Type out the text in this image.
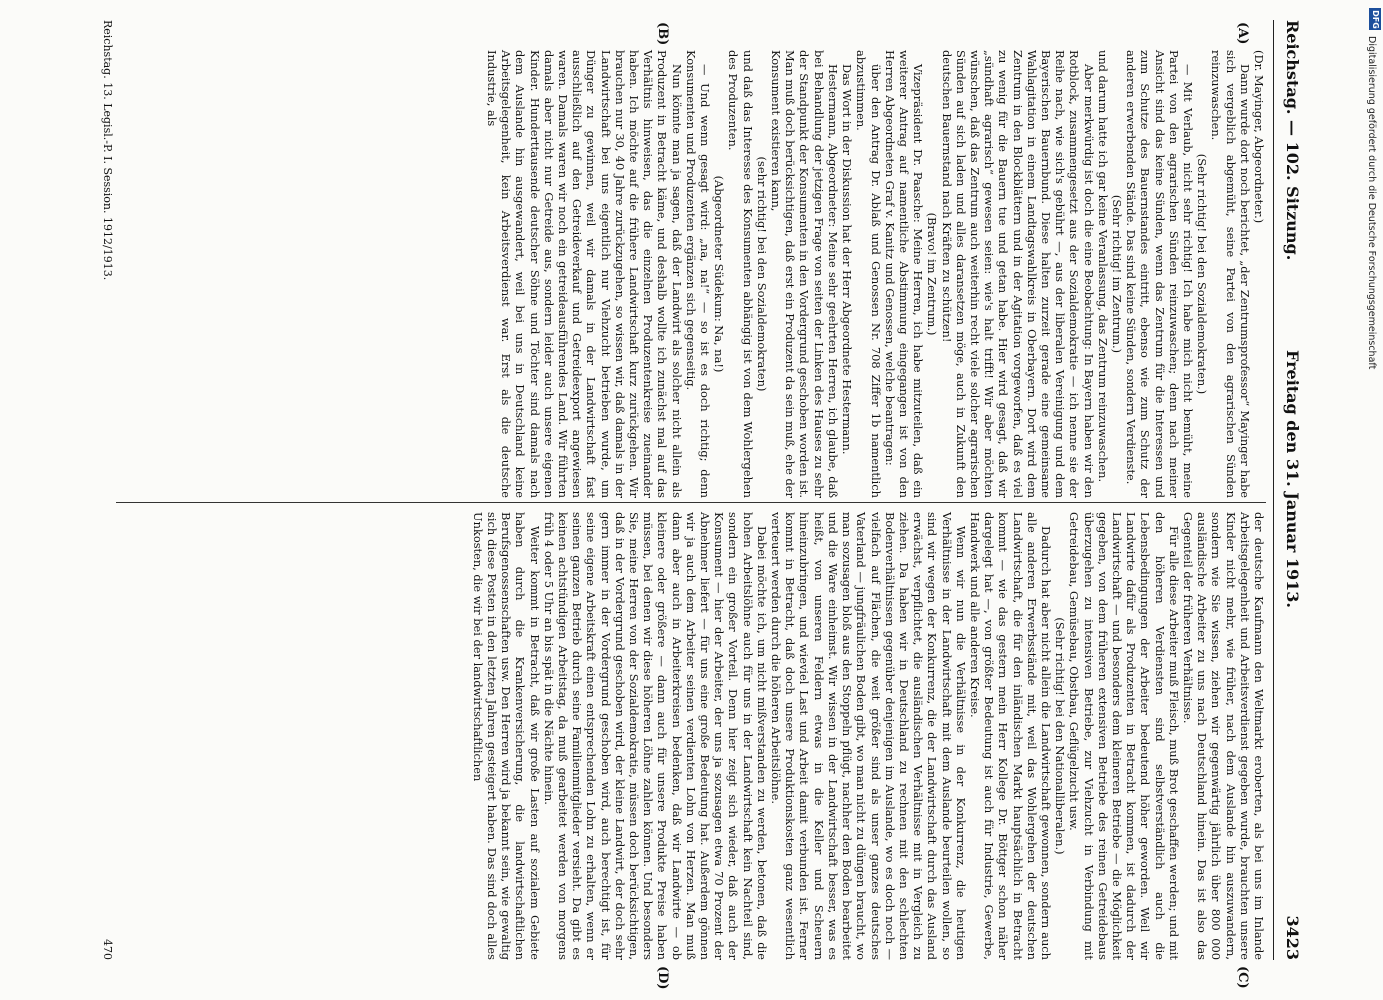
Reichstag. — 102. Sitzung.
Freitag den 31. Januar 1913.
3423
(A)
(B)
(C)
(D)

(Dr. Mayinger, Abgeordneter.)

Dann wurde dort noch berichtet, „der Zentrumsprofessor“ Mayinger habe sich vergeblich abgemüht, seine Partei von den agrarischen Sünden reinzuwaschen.

(Sehr richtig! bei den Sozialdemokraten.)

— Mit Verlaub, nicht sehr richtig! Ich habe mich nicht bemüht, meine Partei von den agrarischen Sünden reinzuwaschen; denn nach meiner Ansicht sind das keine Sünden, wenn das Zentrum für die Interessen und zum Schutze des Bauernstandes eintritt, ebenso wie zum Schutz der anderen erwerbenden Stände. Das sind keine Sünden, sondern Verdienste.

(Sehr richtig! im Zentrum.)

und darum hatte ich gar keine Veranlassung, das Zentrum reinzuwaschen.

Aber merkwürdig ist doch die eine Beobachtung: In Bayern haben wir den Rotblock, zusammengesetzt aus der Sozialdemokratie — ich nenne sie der Reihe nach, wie sich's gebührt —, aus der liberalen Vereinigung und dem Bayerischen Bauernbund. Diese halten zurzeit gerade eine gemeinsame Wahlagitation in einem Landtagswahlkreis in Oberbayern. Dort wird dem Zentrum in den Blockblättern und in der Agitation vorgeworfen, daß es viel zu wenig für die Bauern tue und getan habe. Hier wird gesagt, daß wir „sündhaft agrarisch“ gewesen seien: wie's halt trifft! Wir aber möchten wünschen, daß das Zentrum auch weiterhin recht viele solcher agrarischen Sünden auf sich laden und alles daransetzen möge, auch in Zukunft den deutschen Bauernstand nach Kräften zu schützen!

(Bravo! im Zentrum.)

Vizepräsident Dr. Paasche: Meine Herren, ich habe mitzuteilen, daß ein weiterer Antrag auf namentliche Abstimmung eingegangen ist von den Herren Abgeordneten Graf v. Kanitz und Genossen, welche beantragen:

über den Antrag Dr. Ablaß und Genossen Nr. 708 Ziffer 1b namentlich abzustimmen.

Das Wort in der Diskussion hat der Herr Abgeordnete Hestermann.

Hestermann, Abgeordneter: Meine sehr geehrten Herren, ich glaube, daß bei Behandlung der jetzigen Frage von seiten der Linken des Hauses zu sehr der Standpunkt der Konsumenten in den Vordergrund geschoben worden ist. Man muß doch berücksichtigen, daß erst ein Produzent da sein muß, ehe der Konsument existieren kann,

(sehr richtig! bei den Sozialdemokraten)

und daß das Interesse des Konsumenten abhängig ist von dem Wohlergehen des Produzenten.

(Abgeordneter Südekum: Na, na!)

— Und wenn gesagt wird: „na, na!“ — so ist es doch richtig; denn Konsumenten und Produzenten ergänzen sich gegenseitig.

Nun könnte man ja sagen, daß der Landwirt als solcher nicht allein als Produzent in Betracht käme, und deshalb wollte ich zunächst mal auf das Verhältnis hinweisen, das die einzelnen Produzentenkreise zueinander haben. Ich möchte auf die frühere Landwirtschaft kurz zurückgehen. Wir brauchen nur 30, 40 Jahre zurückzugehen, so wissen wir, daß damals in der Landwirtschaft bei uns eigentlich nur Viehzucht betrieben wurde, um Dünger zu gewinnen, weil wir damals in der Landwirtschaft fast ausschließlich auf den Getreideverkauf und Getreideexport angewiesen waren. Damals waren wir noch ein getreideausführendes Land. Wir führten damals aber nicht nur Getreide aus, sondern leider auch unsere eigenen Kinder. Hunderttausende deutscher Söhne und Töchter sind damals nach dem Auslande hin ausgewandert, weil bei uns in Deutschland keine Arbeitsgelegenheit, kein Arbeitsverdienst war. Erst als die deutsche Industrie, als

der deutsche Kaufmann den Weltmarkt eroberten, als bei uns im Inlande Arbeitsgelegenheit und Arbeitsverdienst gegeben wurde, brauchten unsere Kinder nicht mehr, wie früher, nach dem Auslande hin auszuwandern, sondern wie Sie wissen, ziehen wir gegenwärtig jährlich über 800 000 ausländische Arbeiter zu uns nach Deutschland hinein. Das ist also das Gegenteil der früheren Verhältnisse.

Für alle diese Arbeiter muß Fleisch, muß Brot geschaffen werden; und mit den höheren Verdiensten sind selbstverständlich auch die Lebensbedingungen der Arbeiter bedeutend höher geworden. Weil wir Landwirte dafür als Produzenten in Betracht kommen, ist dadurch der Landwirtschaft — und besonders dem kleineren Betriebe — die Möglichkeit gegeben, von dem früheren extensiven Betriebe des reinen Getreidebaus überzugehen zu intensiven Betriebe, zur Viehzucht in Verbindung mit Getreidebau, Gemüsebau, Obstbau, Geflügelzucht usw.

(Sehr richtig! bei den Nationalliberalen.)

Dadurch hat aber nicht allein die Landwirtschaft gewonnen, sondern auch alle anderen Erwerbsstände mit, weil das Wohlergehen der deutschen Landwirtschaft, die für den inländischen Markt hauptsächlich in Betracht kommt — wie das gestern mein Herr Kollege Dr. Böttger schon näher dargelegt hat —, von größter Bedeutung ist auch für Industrie, Gewerbe, Handwerk und alle anderen Kreise.

Wenn wir nun die Verhältnisse in der Konkurrenz, die heutigen Verhältnisse in der Landwirtschaft mit dem Auslande beurteilen wollen, so sind wir wegen der Konkurrenz, die der Landwirtschaft durch das Ausland erwächst, verpflichtet, die ausländischen Verhältnisse mit in Vergleich zu ziehen. Da haben wir in Deutschland zu rechnen mit den schlechten Bodenverhältnissen gegenüber denjenigen im Auslande, wo es doch noch — vielfach auf Flächen, die weit größer sind als unser ganzes deutsches Vaterland — jungfräulichen Boden gibt, wo man nicht zu düngen braucht, wo man sozusagen bloß aus den Stoppeln pflügt, nachher den Boden bearbeitet und die Ware einheimst. Wir wissen in der Landwirtschaft besser, was es heißt, von unseren Feldern etwas in die Keller und Scheuern hineinzubringen, und wieviel Last und Arbeit damit verbunden ist. Ferner kommt in Betracht, daß doch unsere Produktionskosten ganz wesentlich verteuert werden durch die höheren Arbeitslöhne.

Dabei möchte ich, um nicht mißverstanden zu werden, betonen, daß die hohen Arbeitslöhne auch für uns in der Landwirtschaft kein Nachteil sind, sondern ein großer Vorteil. Denn hier zeigt sich wieder, daß auch der Konsument — hier der Arbeiter, der uns ja sozusagen etwa 70 Prozent der Abnehmer liefert — für uns eine große Bedeutung hat. Außerdem gönnen wir ja auch dem Arbeiter seinen verdienten Lohn von Herzen. Man muß dann aber auch in Arbeiterkreisen bedenken, daß wir Landwirte — ob kleinere oder größere — dann auch für unsere Produkte Preise haben müssen, bei denen wir diese höheren Löhne zahlen können. Und besonders Sie, meine Herren von der Sozialdemokratie, müssen doch berücksichtigen, daß in der Vordergrund geschoben wird, der kleine Landwirt, der doch sehr gern immer in der Vordergrund geschoben wird, auch berechtigt ist, für seine eigene Arbeitskraft einen entsprechenden Lohn zu erhalten, wenn er seinen ganzen Betrieb durch seine Familienmitglieder versieht. Da gibt es keinen achtstündigen Arbeitstag, da muß gearbeitet werden von morgens früh 4 oder 5 Uhr an bis spät in die Nächte hinein.

Weiter kommt in Betracht, daß wir große Lasten auf sozialem Gebiete haben durch die Krankenversicherung, die landwirtschaftlichen Berufsgenossenschaften usw. Den Herren wird ja bekannt sein, wie gewaltig sich diese Posten in den letzten Jahren gesteigert haben. Das sind doch alles Unkosten, die wir bei der landwirtschaftlichen

Reichstag. 13. Legisl.-P. I. Session. 1912/1913.
470
DFG
Digitalisierung gefördert durch die Deutsche Forschungsgemeinschaft
